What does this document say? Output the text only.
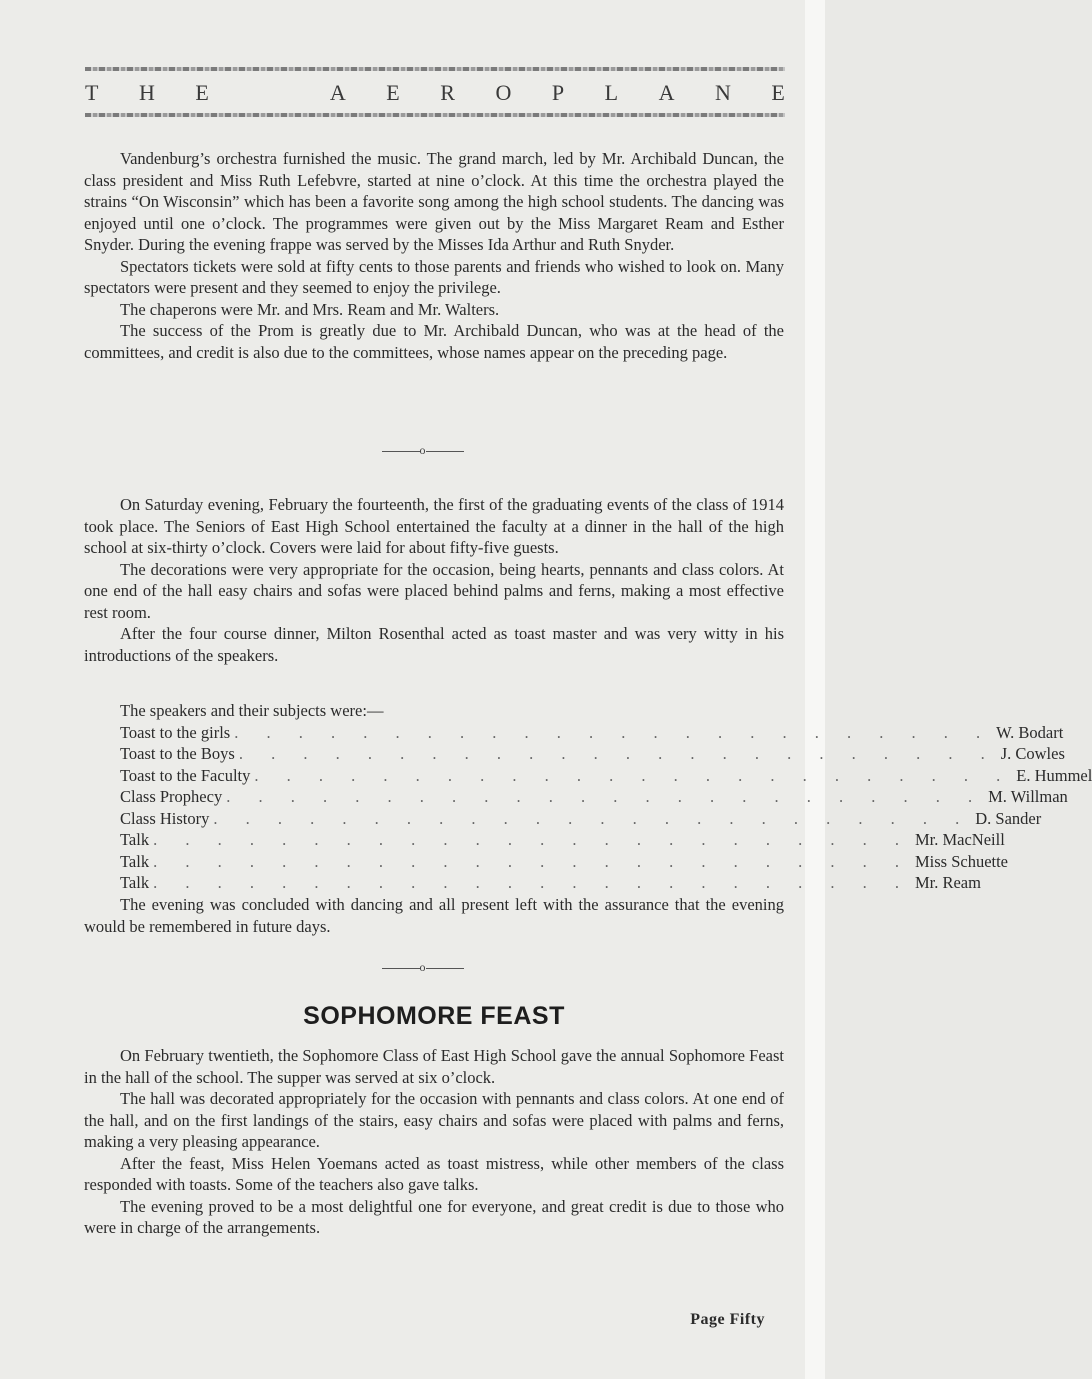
T H E	A E R O P L A N E

Vandenburg’s orchestra furnished the music. The grand march, led by Mr. Archibald Duncan, the class president and Miss Ruth Lefebvre, started at nine o’clock. At this time the orchestra played the strains “On Wisconsin” which has been a favorite song among the high school students. The dancing was enjoyed until one o’clock. The programmes were given out by the Miss Margaret Ream and Esther Snyder. During the evening frappe was served by the Misses Ida Arthur and Ruth Snyder.

Spectators tickets were sold at fifty cents to those parents and friends who wished to look on. Many spectators were present and they seemed to enjoy the privilege.

The chaperons were Mr. and Mrs. Ream and Mr. Walters.

The success of the Prom is greatly due to Mr. Archibald Duncan, who was at the head of the committees, and credit is also due to the committees, whose names appear on the preceding page.

o

On Saturday evening, February the fourteenth, the first of the graduating events of the class of 1914 took place. The Seniors of East High School entertained the faculty at a dinner in the hall of the high school at six-thirty o’clock. Covers were laid for about fifty-five guests.

The decorations were very appropriate for the occasion, being hearts, pennants and class colors. At one end of the hall easy chairs and sofas were placed behind palms and ferns, making a most effective rest room.

After the four course dinner, Milton Rosenthal acted as toast master and was very witty in his introductions of the speakers.

The speakers and their subjects were:—
Toast to the girls . . . . . . . . . . . . . . . . . . . . . . . . W. Bodart
Toast to the Boys . . . . . . . . . . . . . . . . . . . . . . . . J. Cowles
Toast to the Faculty . . . . . . . . . . . . . . . . . . . . . . . . E. Hummel
Class Prophecy . . . . . . . . . . . . . . . . . . . . . . . . M. Willman
Class History . . . . . . . . . . . . . . . . . . . . . . . . D. Sander
Talk . . . . . . . . . . . . . . . . . . . . . . . . Mr. MacNeill
Talk . . . . . . . . . . . . . . . . . . . . . . . . Miss Schuette
Talk . . . . . . . . . . . . . . . . . . . . . . . . Mr. Ream

The evening was concluded with dancing and all present left with the assurance that the evening would be remembered in future days.

o
SOPHOMORE FEAST

On February twentieth, the Sophomore Class of East High School gave the annual Sophomore Feast in the hall of the school. The supper was served at six o’clock.

The hall was decorated appropriately for the occasion with pennants and class colors. At one end of the hall, and on the first landings of the stairs, easy chairs and sofas were placed with palms and ferns, making a very pleasing appearance.

After the feast, Miss Helen Yoemans acted as toast mistress, while other members of the class responded with toasts. Some of the teachers also gave talks.

The evening proved to be a most delightful one for everyone, and great credit is due to those who were in charge of the arrangements.

Page Fifty
